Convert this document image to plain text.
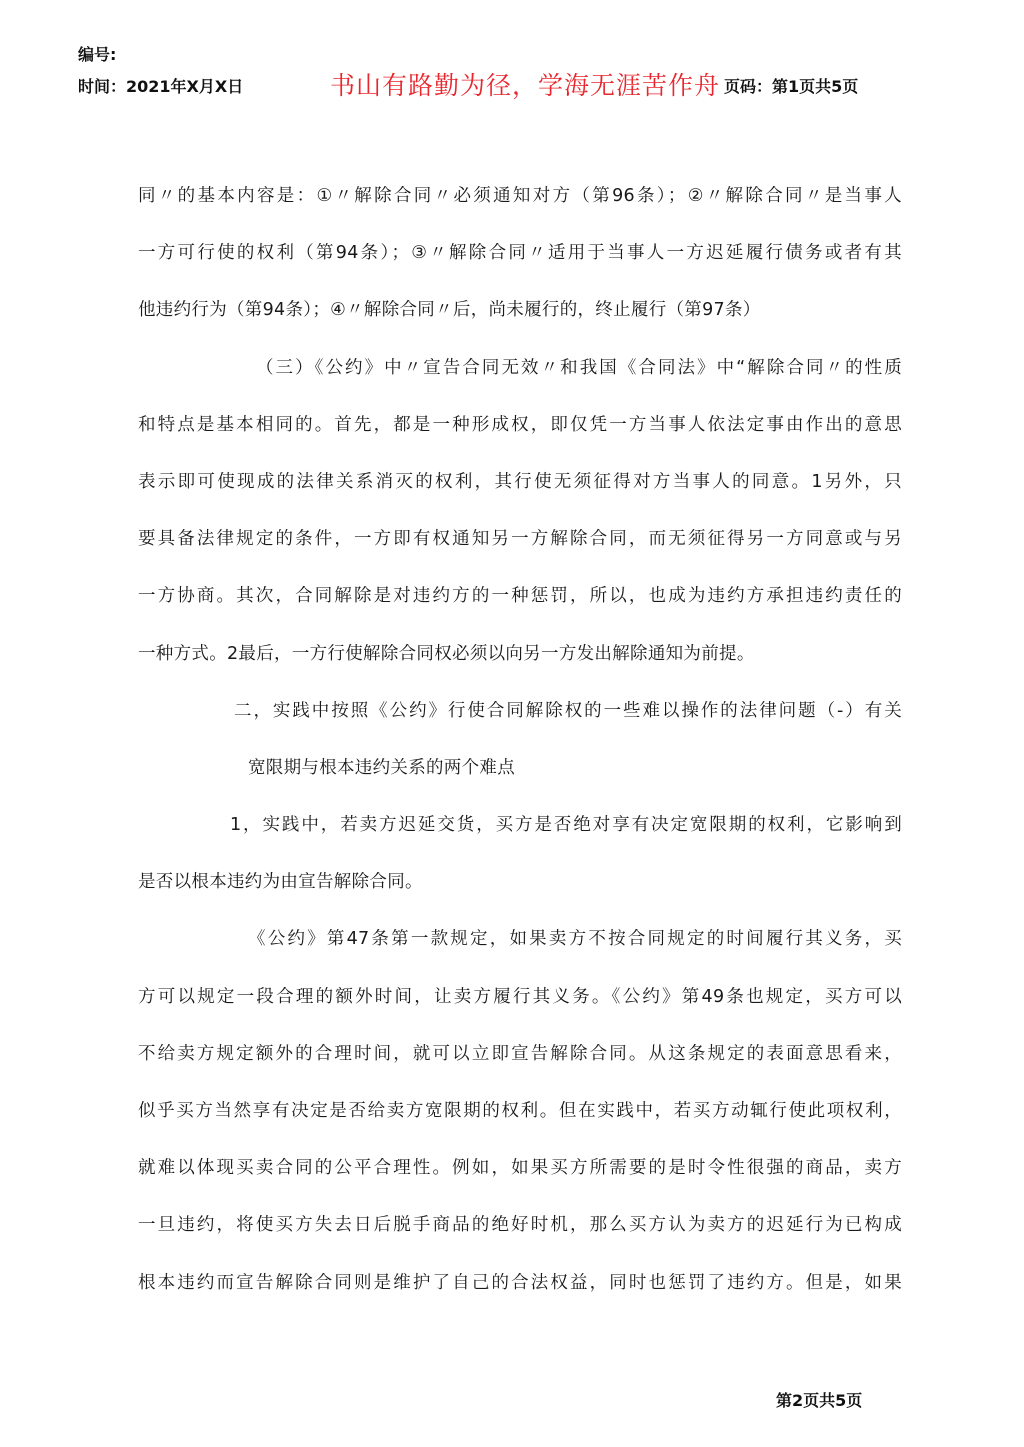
编号:
时间：2021年X月X日	书山有路勤为径，学海无涯苦作舟 页码：第1页共5页
同〃的基本内容是：①〃解除合同〃必须通知对方（第96条）；②〃解除合同〃是当事人
一方可行使的权利（第94条）；③〃解除合同〃适用于当事人一方迟延履行债务或者有其
他违约行为（第94条）；④〃解除合同〃后，尚未履行的，终止履行（第97条）
（三）《公约》中〃宣告合同无效〃和我国《合同法》中“解除合同〃的性质
和特点是基本相同的。首先，都是一种形成权，即仅凭一方当事人依法定事由作出的意思
表示即可使现成的法律关系消灭的权利，其行使无须征得对方当事人的同意。1另外，只
要具备法律规定的条件，一方即有权通知另一方解除合同，而无须征得另一方同意或与另
一方协商。其次，合同解除是对违约方的一种惩罚，所以，也成为违约方承担违约责任的
一种方式。2最后，一方行使解除合同权必须以向另一方发出解除通知为前提。
二，实践中按照《公约》行使合同解除权的一些难以操作的法律问题（-）有关
宽限期与根本违约关系的两个难点
1，实践中，若卖方迟延交货，买方是否绝对享有决定宽限期的权利，它影响到
是否以根本违约为由宣告解除合同。
《公约》第47条第一款规定，如果卖方不按合同规定的时间履行其义务，买
方可以规定一段合理的额外时间，让卖方履行其义务。《公约》第49条也规定，买方可以
不给卖方规定额外的合理时间，就可以立即宣告解除合同。从这条规定的表面意思看来，
似乎买方当然享有决定是否给卖方宽限期的权利。但在实践中，若买方动辄行使此项权利，
就难以体现买卖合同的公平合理性。例如，如果买方所需要的是时令性很强的商品，卖方
一旦违约，将使买方失去日后脱手商品的绝好时机，那么买方认为卖方的迟延行为已构成
根本违约而宣告解除合同则是维护了自己的合法权益，同时也惩罚了违约方。但是，如果
第2页共5页
